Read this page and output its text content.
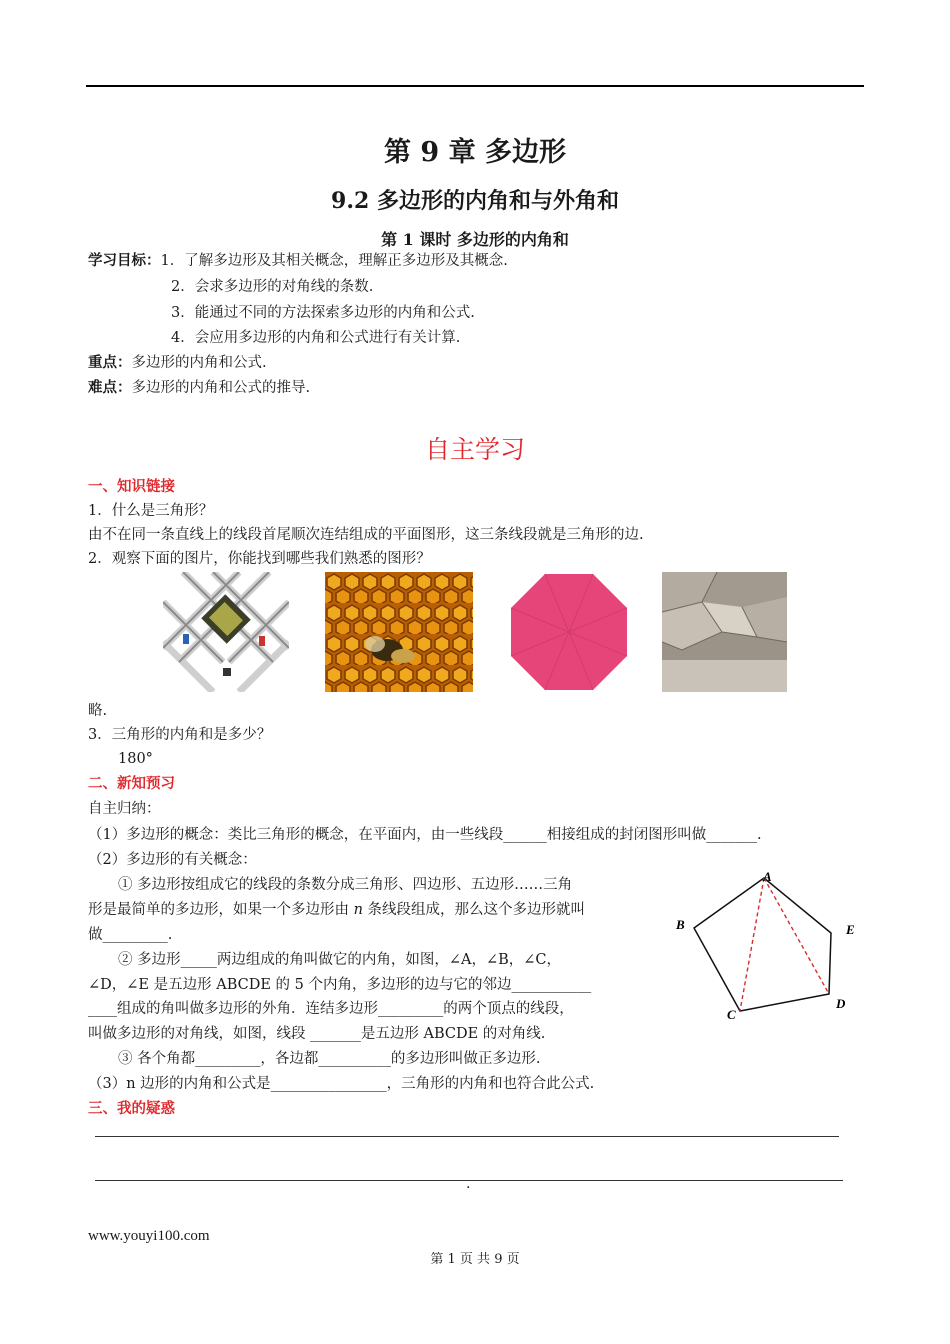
第 9 章 多边形
9.2 多边形的内角和与外角和
第 1 课时 多边形的内角和
学习目标：1．了解多边形及其相关概念，理解正多边形及其概念.
2．会求多边形的对角线的条数.
3．能通过不同的方法探索多边形的内角和公式.
4．会应用多边形的内角和公式进行有关计算.
重点：多边形的内角和公式.
难点：多边形的内角和公式的推导.
自主学习
一、知识链接
1．什么是三角形？
由不在同一条直线上的线段首尾顺次连结组成的平面图形，这三条线段就是三角形的边.
2．观察下面的图片，你能找到哪些我们熟悉的图形？
略.
3．三角形的内角和是多少？
180°
二、新知预习
自主归纳：
（1）多边形的概念：类比三角形的概念，在平面内，由一些线段______相接组成的封闭图形叫做_______.
（2）多边形的有关概念：
① 多边形按组成它的线段的条数分成三角形、四边形、五边形……三角
形是最简单的多边形，如果一个多边形由 n 条线段组成，那么这个多边形就叫
做_________.
② 多边形_____两边组成的角叫做它的内角，如图，∠A，∠B，∠C，
∠D，∠E 是五边形 ABCDE 的 5 个内角，多边形的边与它的邻边___________
____组成的角叫做多边形的外角．连结多边形_________的两个顶点的线段，
叫做多边形的对角线，如图，线段 _______是五边形 ABCDE 的对角线.
③ 各个角都_________，各边都__________的多边形叫做正多边形.
（3）n 边形的内角和公式是________________，三角形的内角和也符合此公式.
A
B
C
D
E
三、我的疑惑
.
www.youyi100.com
第 1 页 共 9 页
